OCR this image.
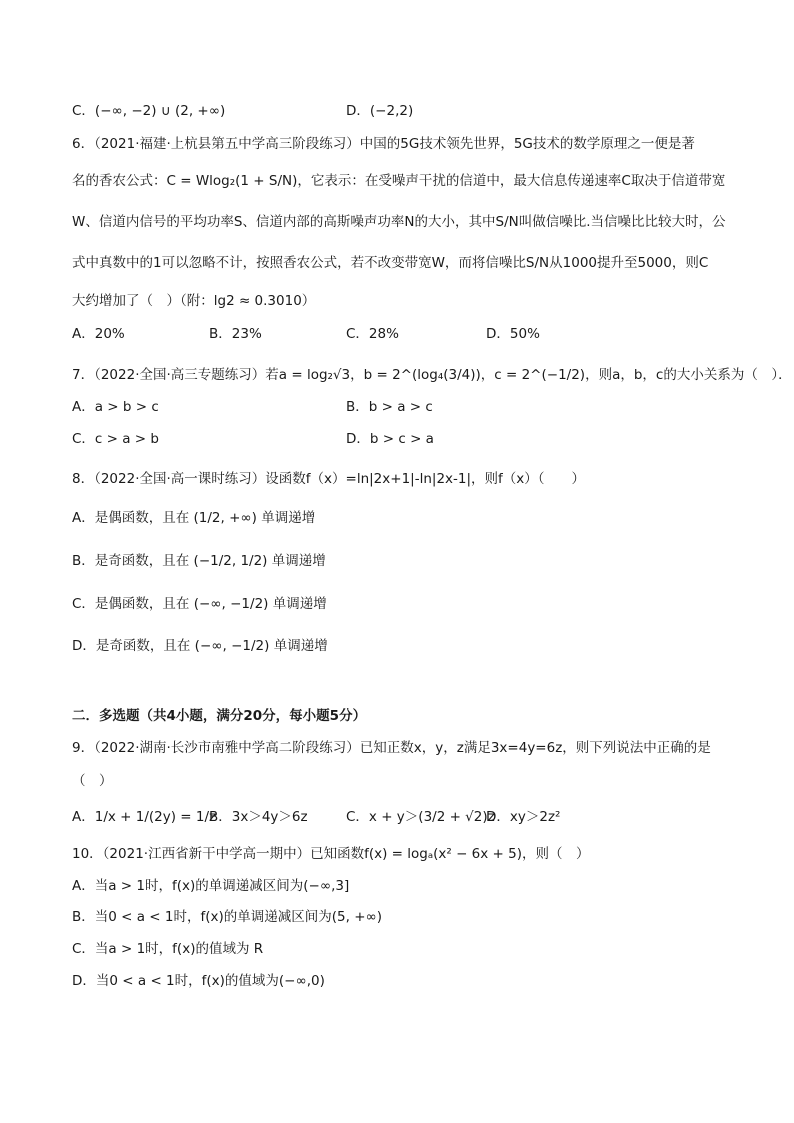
C．(−∞, −2) ∪ (2, +∞)	D．(−2,2)
6．（2021·福建·上杭县第五中学高三阶段练习）中国的5G技术领先世界，5G技术的数学原理之一便是著
名的香农公式：C = Wlog₂(1 + S/N)，它表示：在受噪声干扰的信道中，最大信息传递速率C取决于信道带宽
W、信道内信号的平均功率S、信道内部的高斯噪声功率N的大小，其中S/N叫做信噪比.当信噪比比较大时，公
式中真数中的1可以忽略不计，按照香农公式，若不改变带宽W，而将信噪比S/N从1000提升至5000，则C
大约增加了（　）（附：lg2 ≈ 0.3010）
A．20%	B．23%	C．28%	D．50%
7．（2022·全国·高三专题练习）若a = log₂√3，b = 2^(log₄(3/4))，c = 2^(−1/2)，则a，b，c的大小关系为（　）．
A．a > b > c	B．b > a > c
C．c > a > b	D．b > c > a
8．（2022·全国·高一课时练习）设函数f（x）=ln|2x+1|-ln|2x-1|，则f（x）（　　）
A．是偶函数，且在 (1/2, +∞) 单调递增
B．是奇函数，且在 (−1/2, 1/2) 单调递增
C．是偶函数，且在 (−∞, −1/2) 单调递增
D．是奇函数，且在 (−∞, −1/2) 单调递增
二．多选题（共4小题，满分20分，每小题5分）
9．（2022·湖南·长沙市南雅中学高二阶段练习）已知正数x，y，z满足3x=4y=6z，则下列说法中正确的是
（　）
A．1/x + 1/(2y) = 1/z
B．3x＞4y＞6z	C．x + y＞(3/2 + √2)z
D．xy＞2z²
10．（2021·江西省新干中学高一期中）已知函数f(x) = logₐ(x² − 6x + 5)，则（　）
A．当a > 1时，f(x)的单调递减区间为(−∞,3]
B．当0 < a < 1时，f(x)的单调递减区间为(5, +∞)
C．当a > 1时，f(x)的值域为 R
D．当0 < a < 1时，f(x)的值域为(−∞,0)
